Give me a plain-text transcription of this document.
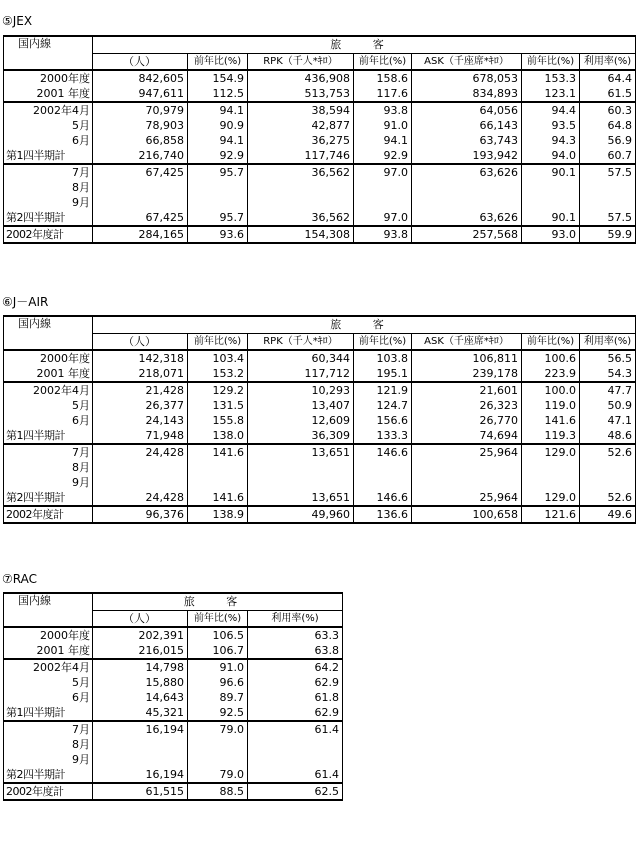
⑤JEX
国内線	旅 客						
	（人）	前年比(%)	RPK（千人*ｷﾛ）	前年比(%)	ASK（千座席*ｷﾛ）	前年比(%)	利用率(%)
2000年度	842,605	154.9	436,908	158.6	678,053	153.3	64.4
2001 年度	947,611	112.5	513,753	117.6	834,893	123.1	61.5
2002年4月	70,979	94.1	38,594	93.8	64,056	94.4	60.3
5月	78,903	90.9	42,877	91.0	66,143	93.5	64.8
6月	66,858	94.1	36,275	94.1	63,743	94.3	56.9
第1四半期計	216,740	92.9	117,746	92.9	193,942	94.0	60.7
7月	67,425	95.7	36,562	97.0	63,626	90.1	57.5
8月							
9月							
第2四半期計	67,425	95.7	36,562	97.0	63,626	90.1	57.5
2002年度計	284,165	93.6	154,308	93.8	257,568	93.0	59.9
⑥J－AIR
国内線	旅 客						
	（人）	前年比(%)	RPK（千人*ｷﾛ）	前年比(%)	ASK（千座席*ｷﾛ）	前年比(%)	利用率(%)
2000年度	142,318	103.4	60,344	103.8	106,811	100.6	56.5
2001 年度	218,071	153.2	117,712	195.1	239,178	223.9	54.3
2002年4月	21,428	129.2	10,293	121.9	21,601	100.0	47.7
5月	26,377	131.5	13,407	124.7	26,323	119.0	50.9
6月	24,143	155.8	12,609	156.6	26,770	141.6	47.1
第1四半期計	71,948	138.0	36,309	133.3	74,694	119.3	48.6
7月	24,428	141.6	13,651	146.6	25,964	129.0	52.6
8月							
9月							
第2四半期計	24,428	141.6	13,651	146.6	25,964	129.0	52.6
2002年度計	96,376	138.9	49,960	136.6	100,658	121.6	49.6
⑦RAC
国内線	旅 客		
	（人）	前年比(%)	利用率(%)
2000年度	202,391	106.5	63.3
2001 年度	216,015	106.7	63.8
2002年4月	14,798	91.0	64.2
5月	15,880	96.6	62.9
6月	14,643	89.7	61.8
第1四半期計	45,321	92.5	62.9
7月	16,194	79.0	61.4
8月			
9月			
第2四半期計	16,194	79.0	61.4
2002年度計	61,515	88.5	62.5
